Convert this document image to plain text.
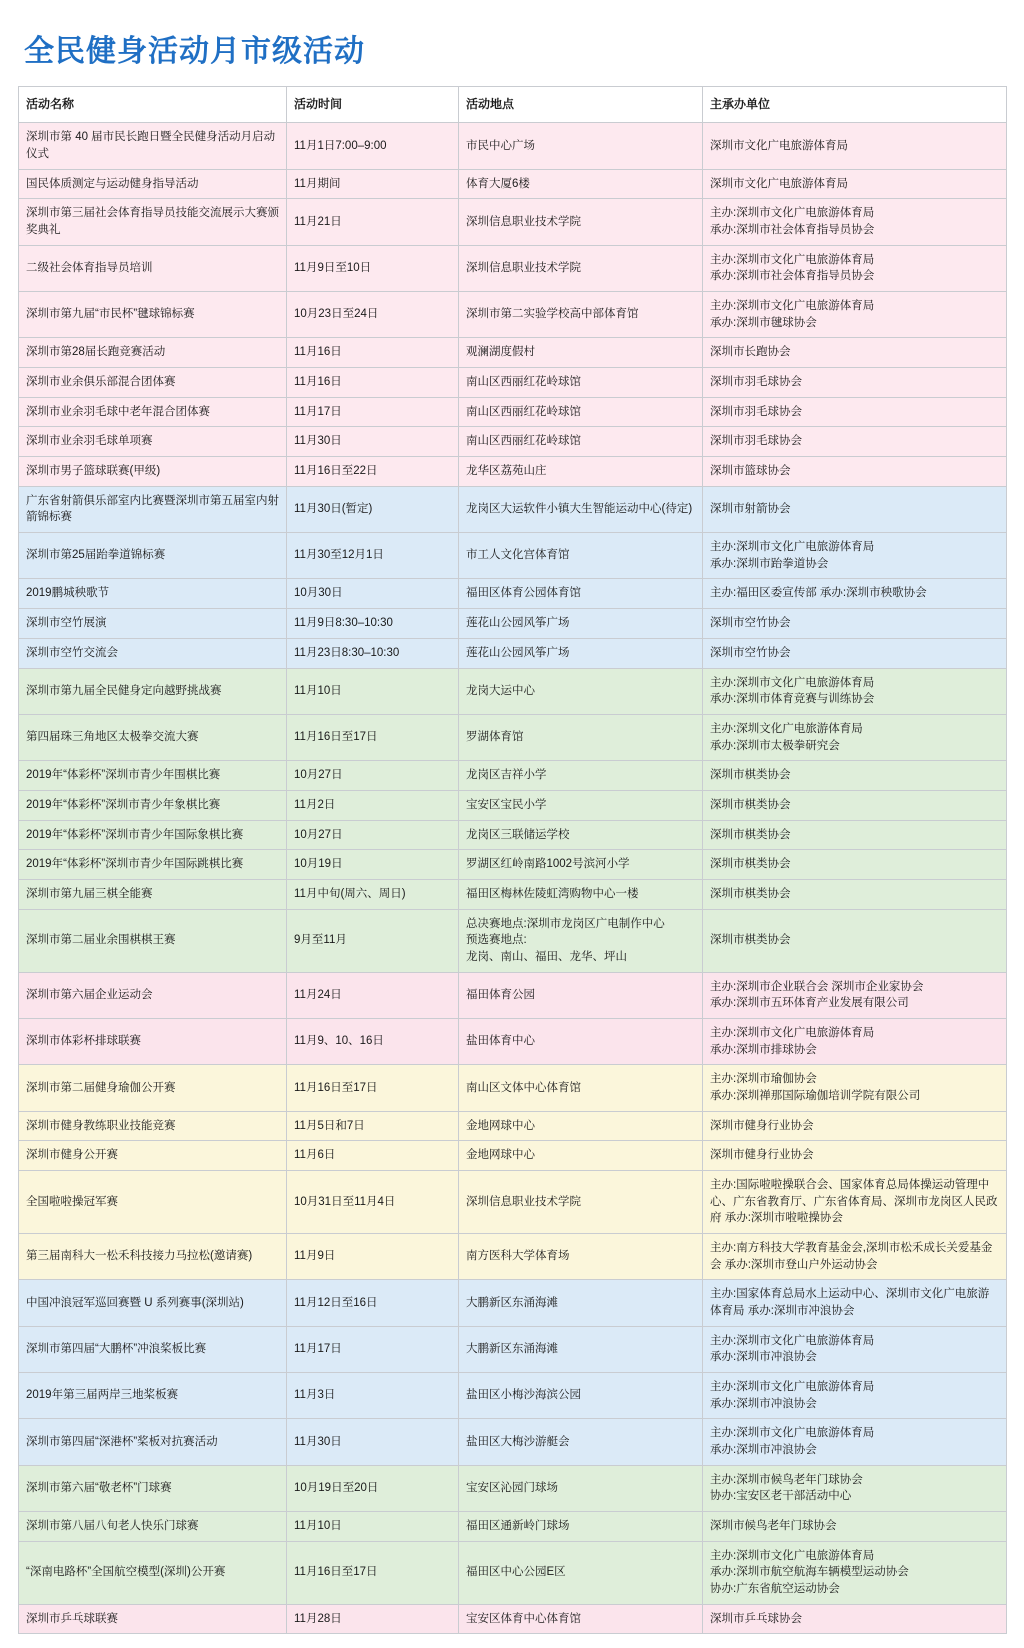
全民健身活动月市级活动
活动名称	活动时间	活动地点	主承办单位
深圳市第 40 届市民长跑日暨全民健身活动月启动仪式	11月1日7:00–9:00	市民中心广场	深圳市文化广电旅游体育局

国民体质测定与运动健身指导活动	11月期间	体育大厦6楼	深圳市文化广电旅游体育局

深圳市第三届社会体育指导员技能交流展示大赛颁奖典礼	11月21日	深圳信息职业技术学院	主办:深圳市文化广电旅游体育局
承办:深圳市社会体育指导员协会

二级社会体育指导员培训	11月9日至10日	深圳信息职业技术学院	主办:深圳市文化广电旅游体育局
承办:深圳市社会体育指导员协会

深圳市第九届“市民杯”毽球锦标赛	10月23日至24日	深圳市第二实验学校高中部体育馆	主办:深圳市文化广电旅游体育局
承办:深圳市毽球协会

深圳市第28届长跑竞赛活动	11月16日	观澜湖度假村	深圳市长跑协会

深圳市业余俱乐部混合团体赛	11月16日	南山区西丽红花岭球馆	深圳市羽毛球协会

深圳市业余羽毛球中老年混合团体赛	11月17日	南山区西丽红花岭球馆	深圳市羽毛球协会

深圳市业余羽毛球单项赛	11月30日	南山区西丽红花岭球馆	深圳市羽毛球协会

深圳市男子篮球联赛(甲级)	11月16日至22日	龙华区荔苑山庄	深圳市篮球协会

广东省射箭俱乐部室内比赛暨深圳市第五届室内射箭锦标赛	11月30日(暂定)	龙岗区大运软件小镇大生智能运动中心(待定)	深圳市射箭协会

深圳市第25届跆拳道锦标赛	11月30至12月1日	市工人文化宫体育馆	主办:深圳市文化广电旅游体育局
承办:深圳市跆拳道协会

2019鹏城秧歌节	10月30日	福田区体育公园体育馆	主办:福田区委宣传部 承办:深圳市秧歌协会

深圳市空竹展演	11月9日8:30–10:30	莲花山公园风筝广场	深圳市空竹协会

深圳市空竹交流会	11月23日8:30–10:30	莲花山公园风筝广场	深圳市空竹协会

深圳市第九届全民健身定向越野挑战赛	11月10日	龙岗大运中心	主办:深圳市文化广电旅游体育局
承办:深圳市体育竞赛与训练协会

第四届珠三角地区太极拳交流大赛	11月16日至17日	罗湖体育馆	主办:深圳文化广电旅游体育局
承办:深圳市太极拳研究会

2019年“体彩杯”深圳市青少年围棋比赛	10月27日	龙岗区吉祥小学	深圳市棋类协会

2019年“体彩杯”深圳市青少年象棋比赛	11月2日	宝安区宝民小学	深圳市棋类协会

2019年“体彩杯”深圳市青少年国际象棋比赛	10月27日	龙岗区三联储运学校	深圳市棋类协会

2019年“体彩杯”深圳市青少年国际跳棋比赛	10月19日	罗湖区红岭南路1002号滨河小学	深圳市棋类协会

深圳市第九届三棋全能赛	11月中旬(周六、周日)	福田区梅林佐陵虹湾购物中心一楼	深圳市棋类协会

深圳市第二届业余围棋棋王赛	9月至11月	总决赛地点:深圳市龙岗区广电制作中心
预选赛地点:
龙岗、南山、福田、龙华、坪山	深圳市棋类协会

深圳市第六届企业运动会	11月24日	福田体育公园	主办:深圳市企业联合会 深圳市企业家协会
承办:深圳市五环体育产业发展有限公司

深圳市体彩杯排球联赛	11月9、10、16日	盐田体育中心	主办:深圳市文化广电旅游体育局
承办:深圳市排球协会

深圳市第二届健身瑜伽公开赛	11月16日至17日	南山区文体中心体育馆	主办:深圳市瑜伽协会
承办:深圳禅那国际瑜伽培训学院有限公司

深圳市健身教练职业技能竞赛	11月5日和7日	金地网球中心	深圳市健身行业协会

深圳市健身公开赛	11月6日	金地网球中心	深圳市健身行业协会

全国啦啦操冠军赛	10月31日至11月4日	深圳信息职业技术学院	主办:国际啦啦操联合会、国家体育总局体操运动管理中心、广东省教育厅、广东省体育局、深圳市龙岗区人民政府 承办:深圳市啦啦操协会

第三届南科大一松禾科技接力马拉松(邀请赛)	11月9日	南方医科大学体育场	主办:南方科技大学教育基金会,深圳市松禾成长关爱基金会 承办:深圳市登山户外运动协会

中国冲浪冠军巡回赛暨 U 系列赛事(深圳站)	11月12日至16日	大鹏新区东涌海滩	主办:国家体育总局水上运动中心、深圳市文化广电旅游体育局 承办:深圳市冲浪协会

深圳市第四届“大鹏杯”冲浪桨板比赛	11月17日	大鹏新区东涌海滩	主办:深圳市文化广电旅游体育局
承办:深圳市冲浪协会

2019年第三届两岸三地桨板赛	11月3日	盐田区小梅沙海滨公园	主办:深圳市文化广电旅游体育局
承办:深圳市冲浪协会

深圳市第四届“深港杯”桨板对抗赛活动	11月30日	盐田区大梅沙游艇会	主办:深圳市文化广电旅游体育局
承办:深圳市冲浪协会

深圳市第六届“敬老杯”门球赛	10月19日至20日	宝安区沁园门球场	主办:深圳市候鸟老年门球协会
协办:宝安区老干部活动中心

深圳市第八届八旬老人快乐门球赛	11月10日	福田区通新岭门球场	深圳市候鸟老年门球协会

“深南电路杯”全国航空模型(深圳)公开赛	11月16日至17日	福田区中心公园E区	主办:深圳市文化广电旅游体育局
承办:深圳市航空航海车辆模型运动协会
协办:广东省航空运动协会

深圳市乒乓球联赛	11月28日	宝安区体育中心体育馆	深圳市乒乓球协会
